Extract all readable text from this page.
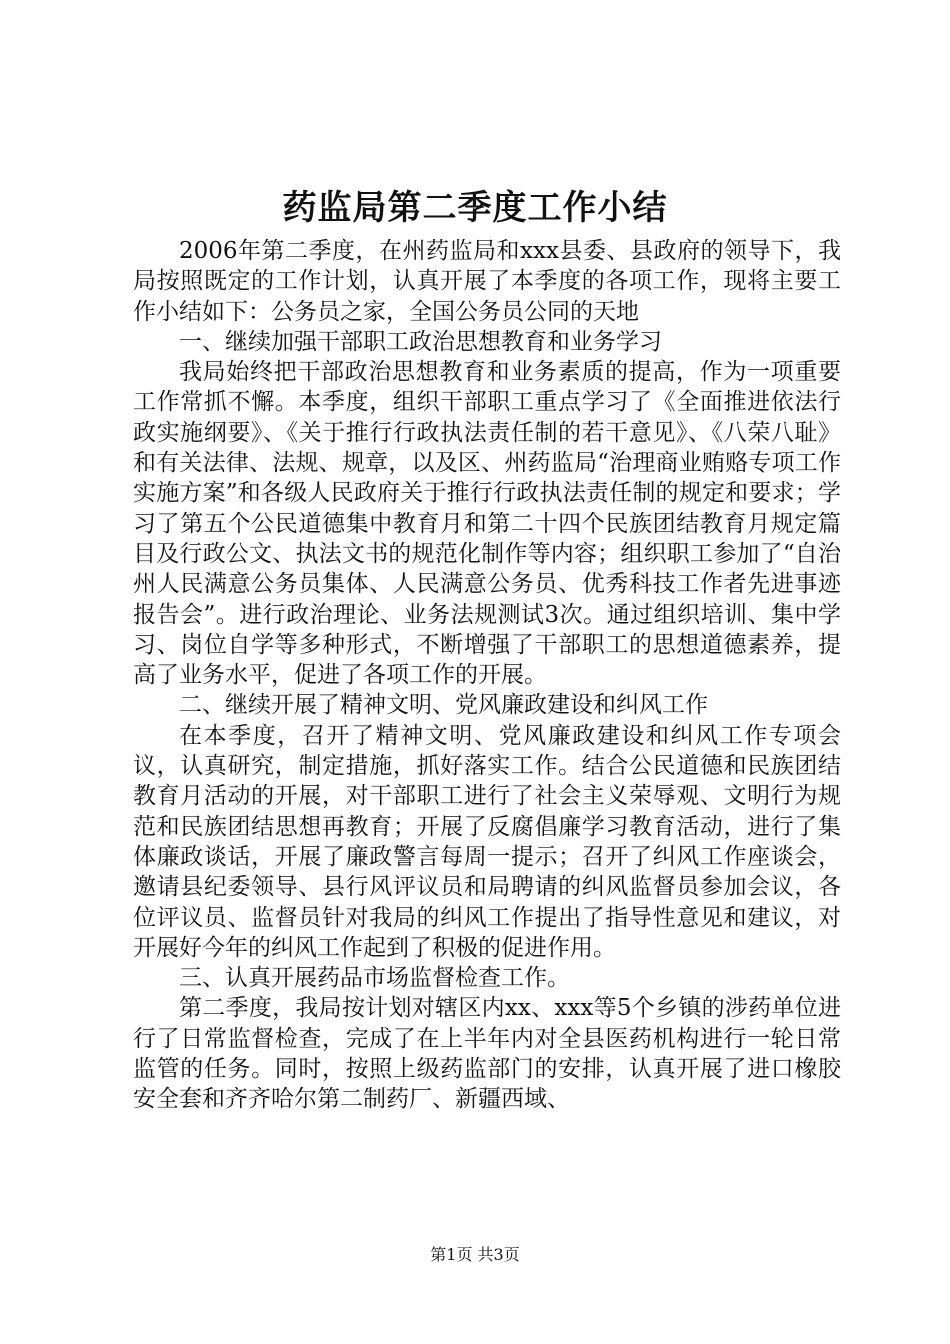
药监局第二季度工作小结

2006年第二季度，在州药监局和xxx县委、县政府的领导下，我局按照既定的工作计划，认真开展了本季度的各项工作，现将主要工作小结如下：公务员之家，全国公务员公同的天地

一、继续加强干部职工政治思想教育和业务学习

我局始终把干部政治思想教育和业务素质的提高，作为一项重要工作常抓不懈。本季度，组织干部职工重点学习了《全面推进依法行政实施纲要》、《关于推行行政执法责任制的若干意见》、《八荣八耻》和有关法律、法规、规章，以及区、州药监局“治理商业贿赂专项工作实施方案”和各级人民政府关于推行行政执法责任制的规定和要求；学习了第五个公民道德集中教育月和第二十四个民族团结教育月规定篇目及行政公文、执法文书的规范化制作等内容；组织职工参加了“自治州人民满意公务员集体、人民满意公务员、优秀科技工作者先进事迹报告会”。进行政治理论、业务法规测试3次。通过组织培训、集中学习、岗位自学等多种形式，不断增强了干部职工的思想道德素养，提高了业务水平，促进了各项工作的开展。

二、继续开展了精神文明、党风廉政建设和纠风工作

在本季度，召开了精神文明、党风廉政建设和纠风工作专项会议，认真研究，制定措施，抓好落实工作。结合公民道德和民族团结教育月活动的开展，对干部职工进行了社会主义荣辱观、文明行为规范和民族团结思想再教育；开展了反腐倡廉学习教育活动，进行了集体廉政谈话，开展了廉政警言每周一提示；召开了纠风工作座谈会，邀请县纪委领导、县行风评议员和局聘请的纠风监督员参加会议，各位评议员、监督员针对我局的纠风工作提出了指导性意见和建议，对开展好今年的纠风工作起到了积极的促进作用。

三、认真开展药品市场监督检查工作。

第二季度，我局按计划对辖区内xx、xxx等5个乡镇的涉药单位进行了日常监督检查，完成了在上半年内对全县医药机构进行一轮日常监管的任务。同时，按照上级药监部门的安排，认真开展了进口橡胶安全套和齐齐哈尔第二制药厂、新疆西域、

第1页 共3页
